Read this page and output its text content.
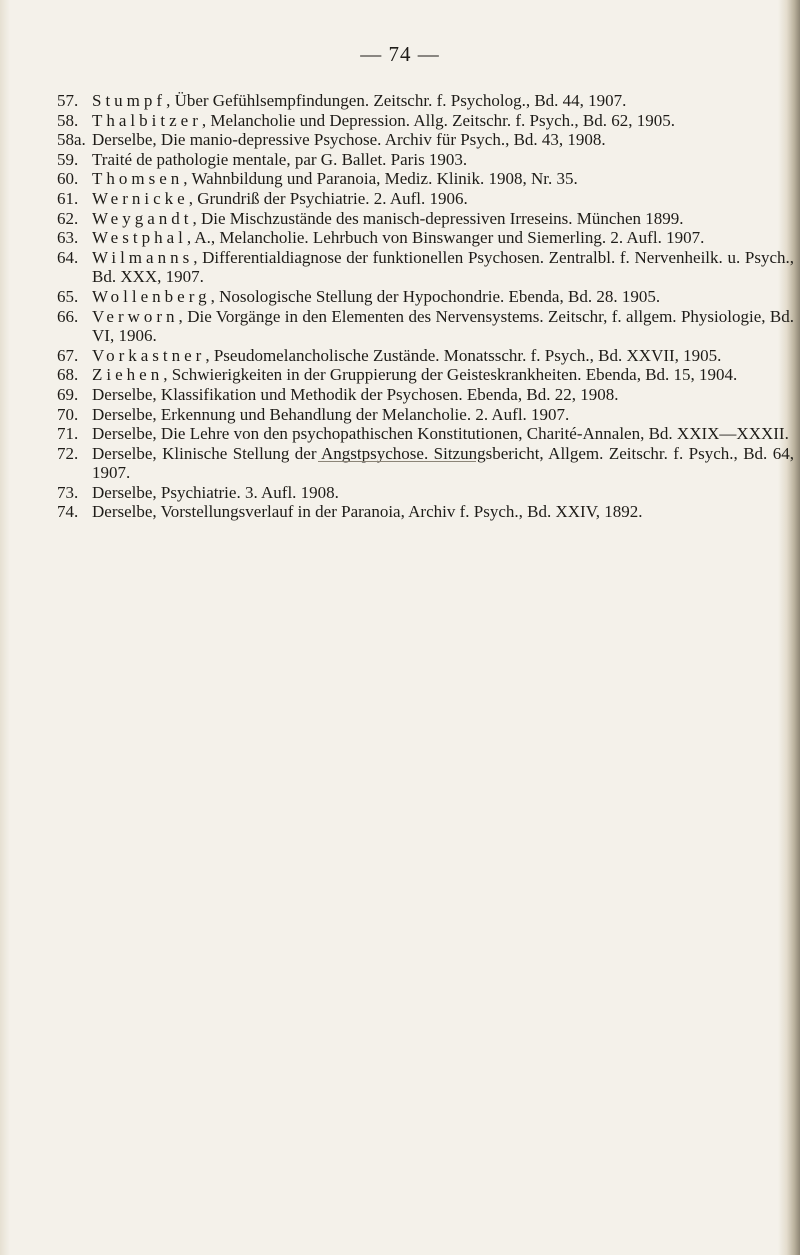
— 74 —
57. Stumpf, Über Gefühlsempfindungen. Zeitschr. f. Psycholog., Bd. 44, 1907.
58. Thalbitzer, Melancholie und Depression. Allg. Zeitschr. f. Psych., Bd. 62, 1905.
58a. Derselbe, Die manio-depressive Psychose. Archiv für Psych., Bd. 43, 1908.
59. Traité de pathologie mentale, par G. Ballet. Paris 1903.
60. Thomsen, Wahnbildung und Paranoia, Mediz. Klinik. 1908, Nr. 35.
61. Wernicke, Grundriß der Psychiatrie. 2. Aufl. 1906.
62. Weygandt, Die Mischzustände des manisch-depressiven Irreseins. München 1899.
63. Westphal, A., Melancholie. Lehrbuch von Binswanger und Siemerling. 2. Aufl. 1907.
64. Wilmanns, Differentialdiagnose der funktionellen Psychosen. Zentralbl. f. Nervenheilk. u. Psych., Bd. XXX, 1907.
65. Wollenberg, Nosologische Stellung der Hypochondrie. Ebenda, Bd. 28. 1905.
66. Verworn, Die Vorgänge in den Elementen des Nervensystems. Zeitschr, f. allgem. Physiologie, Bd. VI, 1906.
67. Vorkastner, Pseudomelancholische Zustände. Monatsschr. f. Psych., Bd. XXVII, 1905.
68. Ziehen, Schwierigkeiten in der Gruppierung der Geisteskrankheiten. Ebenda, Bd. 15, 1904.
69. Derselbe, Klassifikation und Methodik der Psychosen. Ebenda, Bd. 22, 1908.
70. Derselbe, Erkennung und Behandlung der Melancholie. 2. Aufl. 1907.
71. Derselbe, Die Lehre von den psychopathischen Konstitutionen, Charité-Annalen, Bd. XXIX—XXXII.
72. Derselbe, Klinische Stellung der Angstpsychose. Sitzungsbericht, Allgem. Zeitschr. f. Psych., Bd. 64, 1907.
73. Derselbe, Psychiatrie. 3. Aufl. 1908.
74. Derselbe, Vorstellungsverlauf in der Paranoia, Archiv f. Psych., Bd. XXIV, 1892.
